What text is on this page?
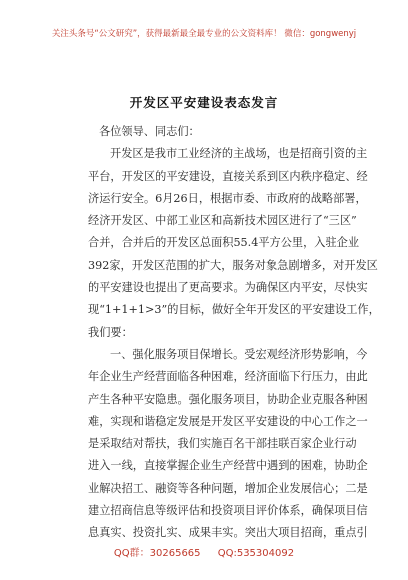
关注头条号“公文研究”，获得最新最全最专业的公文资料库！ 微信：gongwenyj
开发区平安建设表态发言
各位领导、同志们：
开发区是我市工业经济的主战场，也是招商引资的主
平台，开发区的平安建设，直接关系到区内秩序稳定、经
济运行安全。6月26日，根据市委、市政府的战略部署，
经济开发区、中部工业区和高新技术园区进行了“三区”
合并，合并后的开发区总面积55.4平方公里，入驻企业
392家，开发区范围的扩大，服务对象急剧增多，对开发区
的平安建设也提出了更高要求。为确保区内平安，尽快实
现“1+1+1>3”的目标，做好全年开发区的平安建设工作，
我们要：
一、强化服务项目保增长。受宏观经济形势影响，今
年企业生产经营面临各种困难，经济面临下行压力，由此
产生各种平安隐患。强化服务项目，协助企业克服各种困
难，实现和谐稳定发展是开发区平安建设的中心工作之一
是采取结对帮扶，我们实施百名干部挂联百家企业行动
进入一线，直接掌握企业生产经营中遇到的困难，协助企
业解决招工、融资等各种问题，增加企业发展信心；二是
建立招商信息等级评估和投资项目评价体系，确保项目信
息真实、投资扎实、成果丰实。突出大项目招商，重点引
QQ群：30265665 QQ:535304092
